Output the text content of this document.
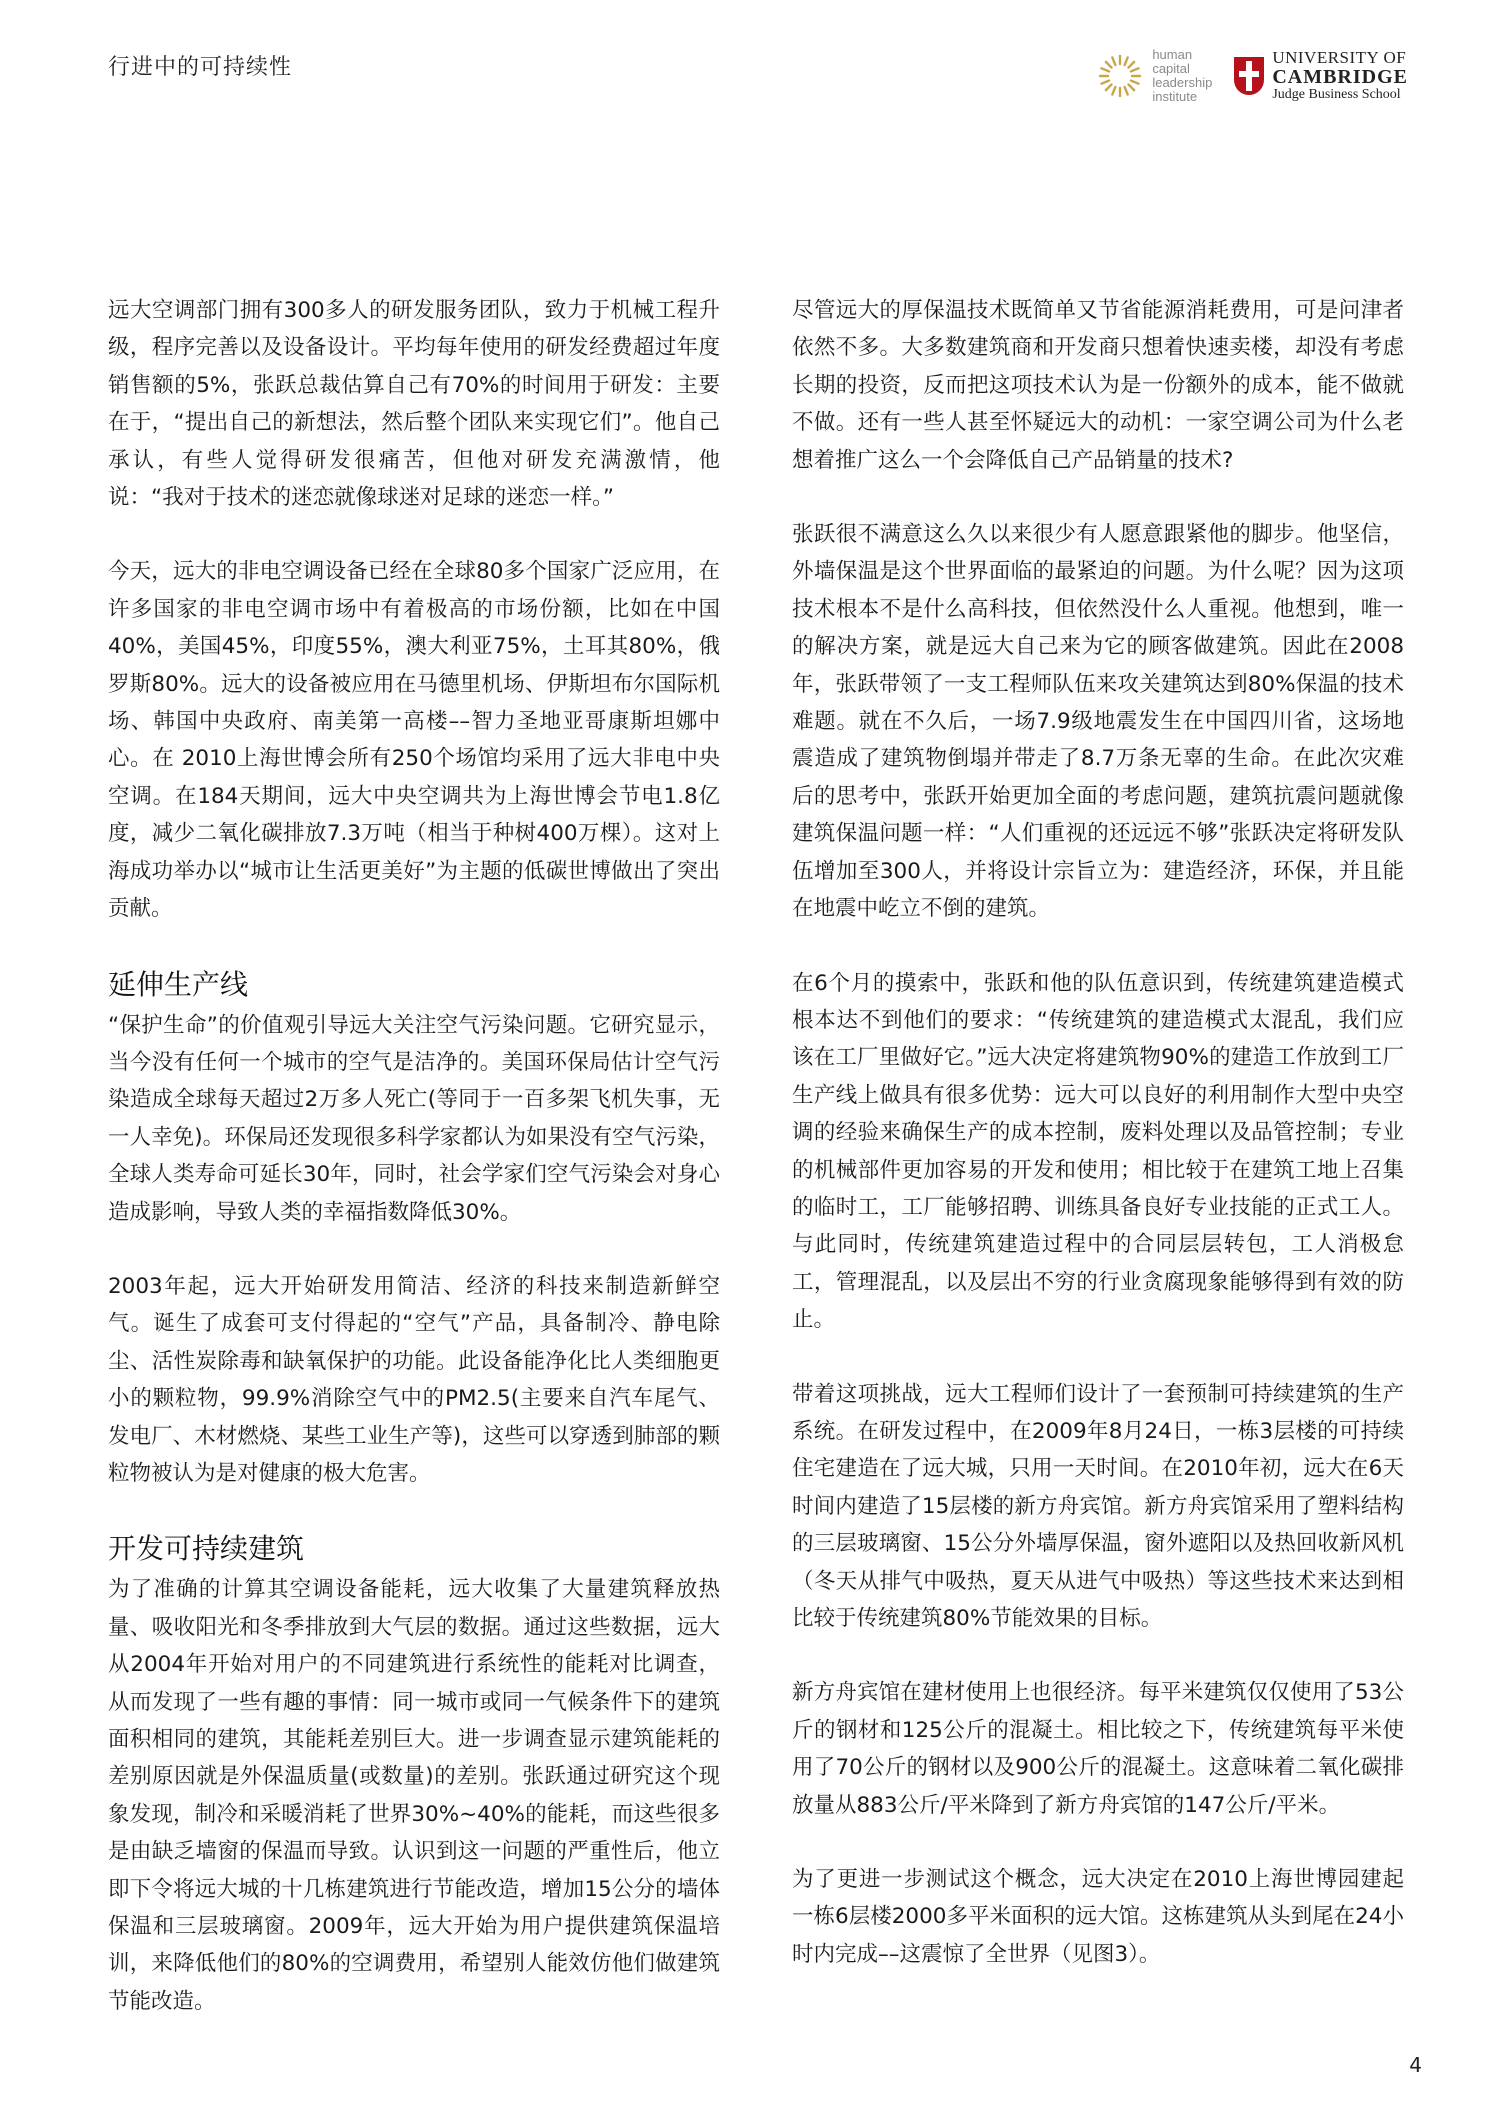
行进中的可持续性
human
capital
leadership
institute
UNIVERSITY OF
CAMBRIDGE
Judge Business School

远大空调部门拥有300多人的研发服务团队，致力于机械工程升级，程序完善以及设备设计。平均每年使用的研发经费超过年度销售额的5%，张跃总裁估算自己有70%的时间用于研发：主要在于，“提出自己的新想法，然后整个团队来实现它们”。他自己承认，有些人觉得研发很痛苦，但他对研发充满激情，他说：“我对于技术的迷恋就像球迷对足球的迷恋一样。”

今天，远大的非电空调设备已经在全球80多个国家广泛应用，在许多国家的非电空调市场中有着极高的市场份额，比如在中国40%，美国45%，印度55%，澳大利亚75%，土耳其80%，俄罗斯80%。远大的设备被应用在马德里机场、伊斯坦布尔国际机场、韩国中央政府、南美第一高楼––智力圣地亚哥康斯坦娜中心。在 2010上海世博会所有250个场馆均采用了远大非电中央空调。在184天期间，远大中央空调共为上海世博会节电1.8亿度，减少二氧化碳排放7.3万吨（相当于种树400万棵）。这对上海成功举办以“城市让生活更美好”为主题的低碳世博做出了突出贡献。

延伸生产线

“保护生命”的价值观引导远大关注空气污染问题。它研究显示，当今没有任何一个城市的空气是洁净的。美国环保局估计空气污染造成全球每天超过2万多人死亡(等同于一百多架飞机失事，无一人幸免)。环保局还发现很多科学家都认为如果没有空气污染，全球人类寿命可延长30年，同时，社会学家们空气污染会对身心造成影响，导致人类的幸福指数降低30%。

2003年起，远大开始研发用简洁、经济的科技来制造新鲜空气。诞生了成套可支付得起的“空气”产品，具备制冷、静电除尘、活性炭除毒和缺氧保护的功能。此设备能净化比人类细胞更小的颗粒物，99.9%消除空气中的PM2.5(主要来自汽车尾气、发电厂、木材燃烧、某些工业生产等)，这些可以穿透到肺部的颗粒物被认为是对健康的极大危害。

开发可持续建筑

为了准确的计算其空调设备能耗，远大收集了大量建筑释放热量、吸收阳光和冬季排放到大气层的数据。通过这些数据，远大从2004年开始对用户的不同建筑进行系统性的能耗对比调查，从而发现了一些有趣的事情：同一城市或同一气候条件下的建筑面积相同的建筑，其能耗差别巨大。进一步调查显示建筑能耗的差别原因就是外保温质量(或数量)的差别。张跃通过研究这个现象发现，制冷和采暖消耗了世界30%~40%的能耗，而这些很多是由缺乏墙窗的保温而导致。认识到这一问题的严重性后，他立即下令将远大城的十几栋建筑进行节能改造，增加15公分的墙体保温和三层玻璃窗。2009年，远大开始为用户提供建筑保温培训，来降低他们的80%的空调费用，希望别人能效仿他们做建筑节能改造。

尽管远大的厚保温技术既简单又节省能源消耗费用，可是问津者依然不多。大多数建筑商和开发商只想着快速卖楼，却没有考虑长期的投资，反而把这项技术认为是一份额外的成本，能不做就不做。还有一些人甚至怀疑远大的动机：一家空调公司为什么老想着推广这么一个会降低自己产品销量的技术?

张跃很不满意这么久以来很少有人愿意跟紧他的脚步。他坚信，外墙保温是这个世界面临的最紧迫的问题。为什么呢？因为这项技术根本不是什么高科技，但依然没什么人重视。他想到，唯一的解决方案，就是远大自己来为它的顾客做建筑。因此在2008年，张跃带领了一支工程师队伍来攻关建筑达到80%保温的技术难题。就在不久后，一场7.9级地震发生在中国四川省，这场地震造成了建筑物倒塌并带走了8.7万条无辜的生命。在此次灾难后的思考中，张跃开始更加全面的考虑问题，建筑抗震问题就像建筑保温问题一样：“人们重视的还远远不够”张跃决定将研发队伍增加至300人，并将设计宗旨立为：建造经济，环保，并且能在地震中屹立不倒的建筑。

在6个月的摸索中，张跃和他的队伍意识到，传统建筑建造模式根本达不到他们的要求：“传统建筑的建造模式太混乱，我们应该在工厂里做好它。”远大决定将建筑物90%的建造工作放到工厂生产线上做具有很多优势：远大可以良好的利用制作大型中央空调的经验来确保生产的成本控制，废料处理以及品管控制；专业的机械部件更加容易的开发和使用；相比较于在建筑工地上召集的临时工，工厂能够招聘、训练具备良好专业技能的正式工人。与此同时，传统建筑建造过程中的合同层层转包，工人消极怠工，管理混乱，以及层出不穷的行业贪腐现象能够得到有效的防止。

带着这项挑战，远大工程师们设计了一套预制可持续建筑的生产系统。在研发过程中，在2009年8月24日，一栋3层楼的可持续住宅建造在了远大城，只用一天时间。在2010年初，远大在6天时间内建造了15层楼的新方舟宾馆。新方舟宾馆采用了塑料结构的三层玻璃窗、15公分外墙厚保温，窗外遮阳以及热回收新风机（冬天从排气中吸热，夏天从进气中吸热）等这些技术来达到相比较于传统建筑80%节能效果的目标。

新方舟宾馆在建材使用上也很经济。每平米建筑仅仅使用了53公斤的钢材和125公斤的混凝土。相比较之下，传统建筑每平米使用了70公斤的钢材以及900公斤的混凝土。这意味着二氧化碳排放量从883公斤/平米降到了新方舟宾馆的147公斤/平米。

为了更进一步测试这个概念，远大决定在2010上海世博园建起一栋6层楼2000多平米面积的远大馆。这栋建筑从头到尾在24小时内完成––这震惊了全世界（见图3）。

4
